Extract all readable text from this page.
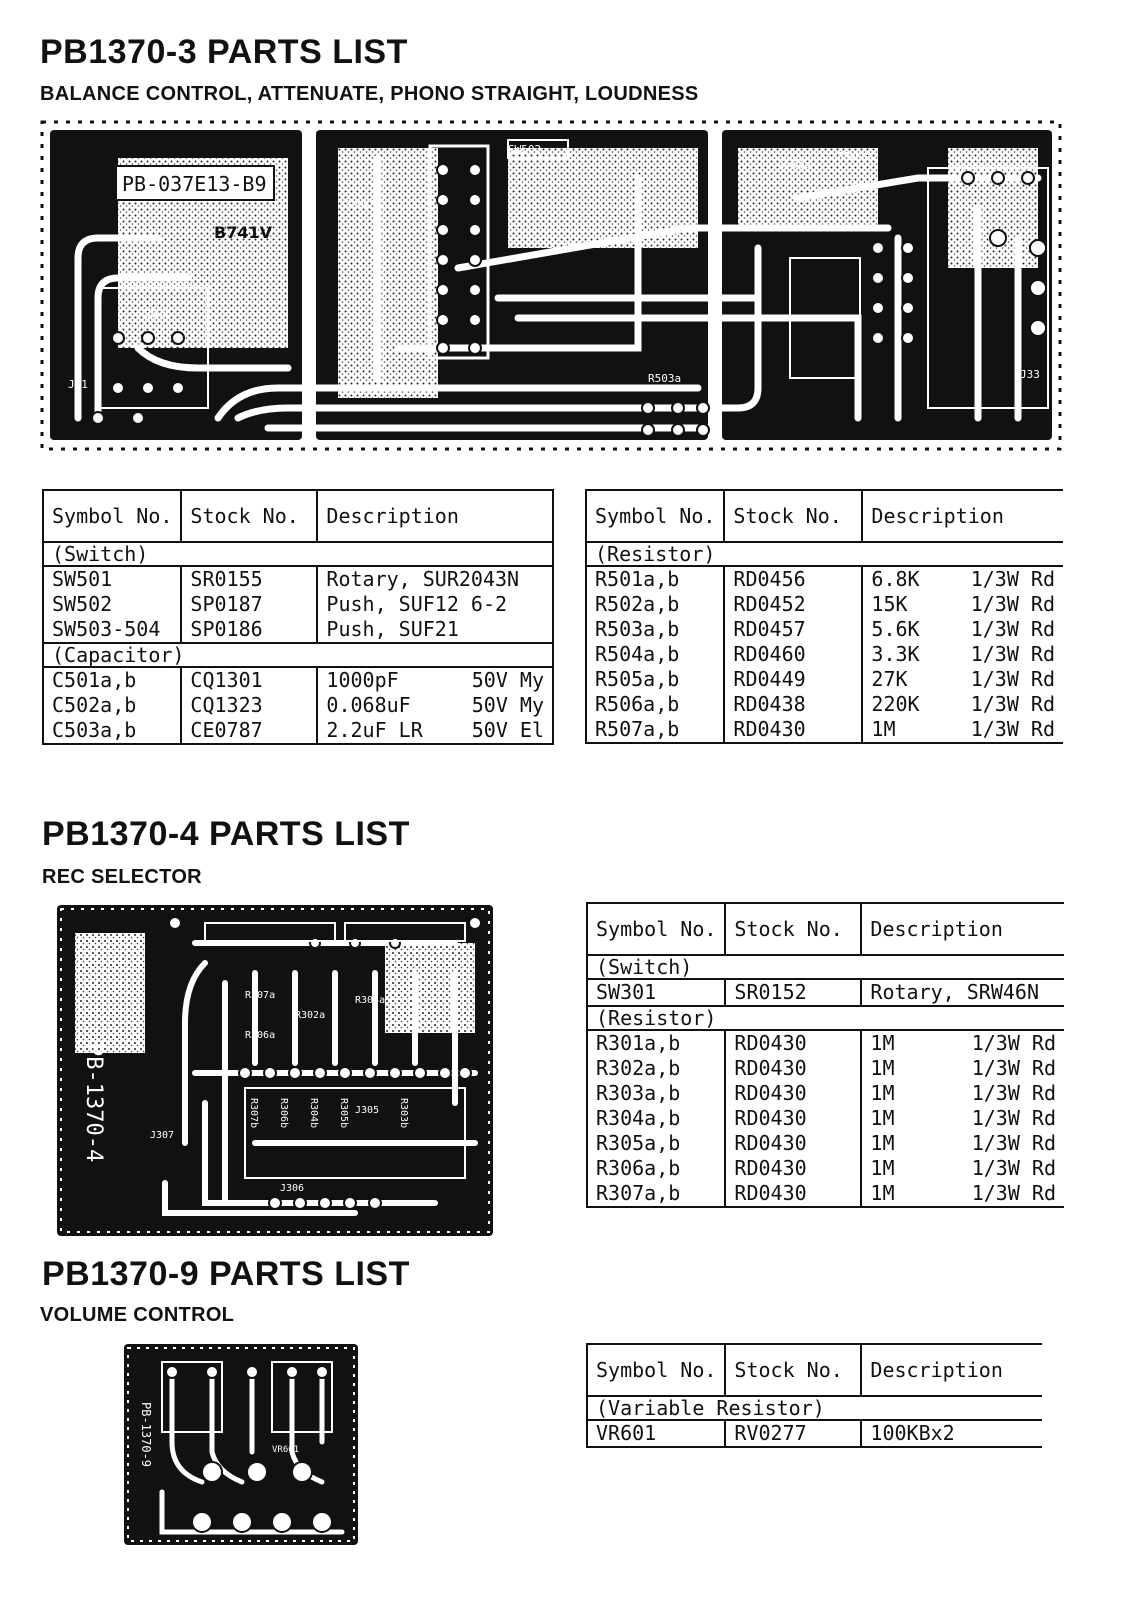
PB1370-3 PARTS LIST
BALANCE CONTROL, ATTENUATE, PHONO STRAIGHT, LOUDNESS
PB-037E13-B9
B741V
SW502
C501a
R502a
R501b
R507b
J31
J33
R503a
Symbol No.	Stock No.	Description
(Switch)		
SW501	SR0155	Rotary, SUR2043N
SW502	SP0187	Push, SUF12 6-2
SW503-504	SP0186	Push, SUF21
(Capacitor)		
C501a,b	CQ1301	1000pF 50V My

C502a,b	CQ1323	0.068uF 50V My

C503a,b	CE0787	2.2uF LR 50V El
Symbol No.	Stock No.	Description
(Resistor)		
R501a,b	RD0456	6.8K 1/3W Rd

R502a,b	RD0452	15K 1/3W Rd

R503a,b	RD0457	5.6K 1/3W Rd

R504a,b	RD0460	3.3K 1/3W Rd

R505a,b	RD0449	27K 1/3W Rd

R506a,b	RD0438	220K 1/3W Rd

R507a,b	RD0430	1M 1/3W Rd
PB1370-4 PARTS LIST
REC SELECTOR
PB-1370-4
R307a
R302a
R306a
R304a
R307b R306b R304b R305b	R303b
J306
J307
J305
Symbol No.	Stock No.	Description
(Switch)		
SW301	SR0152	Rotary, SRW46N
(Resistor)		
R301a,b	RD0430	1M 1/3W Rd

R302a,b	RD0430	1M 1/3W Rd

R303a,b	RD0430	1M 1/3W Rd

R304a,b	RD0430	1M 1/3W Rd

R305a,b	RD0430	1M 1/3W Rd

R306a,b	RD0430	1M 1/3W Rd

R307a,b	RD0430	1M 1/3W Rd
PB1370-9 PARTS LIST
VOLUME CONTROL
PB-1370-9	VR601
Symbol No.	Stock No.	Description
(Variable Resistor)		
VR601	RV0277	100KBx2
